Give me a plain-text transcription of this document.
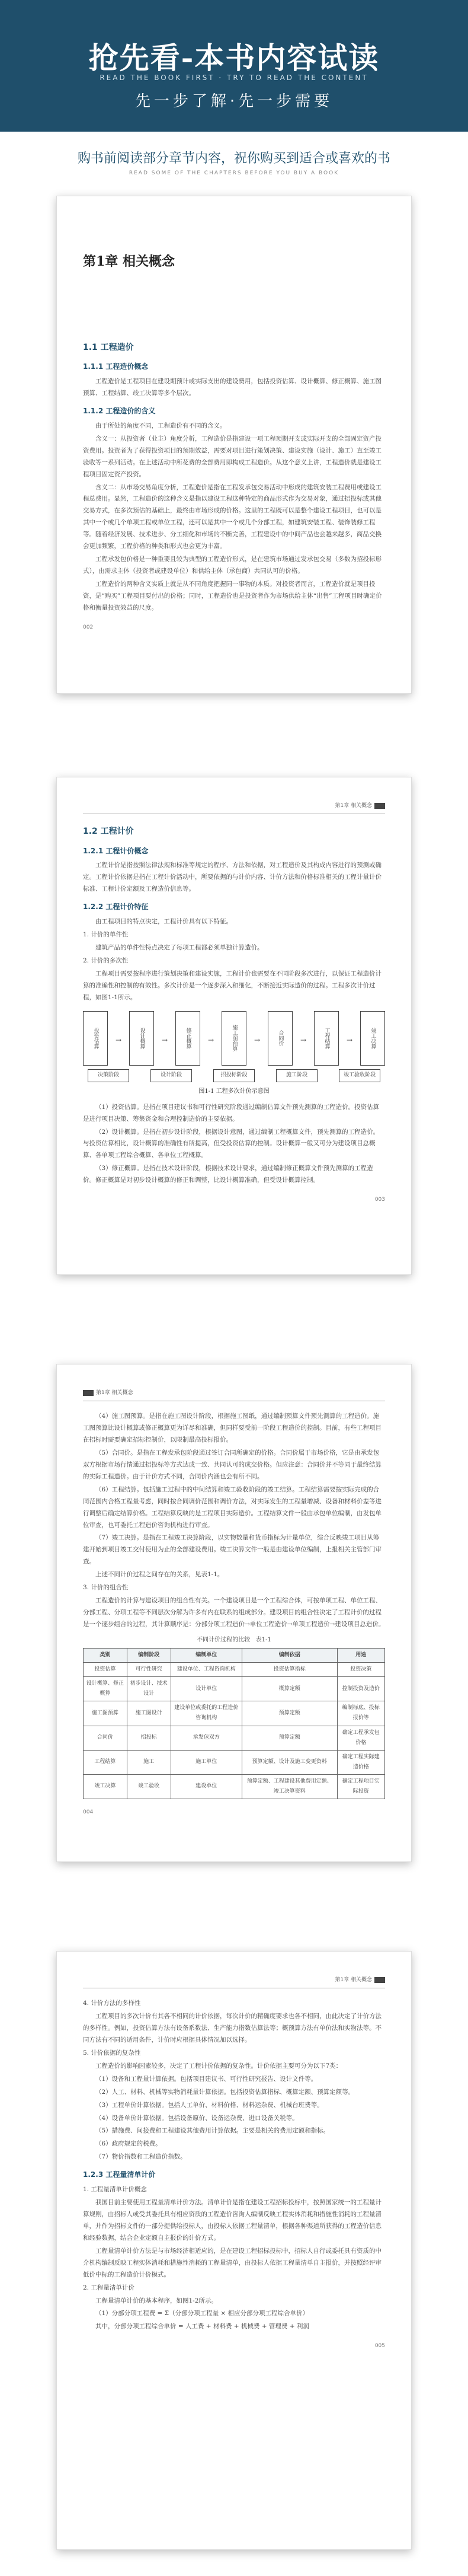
抢先看-本书内容试读
READ THE BOOK FIRST · TRY TO READ THE CONTENT
先一步了解·先一步需要
购书前阅读部分章节内容，祝你购买到适合或喜欢的书
READ SOME OF THE CHAPTERS BEFORE YOU BUY A BOOK
第1章 相关概念
1.1 工程造价
1.1.1 工程造价概念
工程造价是工程项目在建设期预计或实际支出的建设费用，包括投资估算、设计概算、修正概算、施工图预算、工程结算、竣工决算等多个层次。
1.1.2 工程造价的含义
由于所处的角度不同，工程造价有不同的含义。
含义一：从投资者（业主）角度分析，工程造价是指建设一项工程预期开支或实际开支的全部固定资产投资费用。投资者为了获得投资项目的预期效益，需要对项目进行策划决策、建设实施（设计、施工）直至竣工验收等一系列活动。在上述活动中所花费的全部费用即构成工程造价。从这个意义上讲，工程造价就是建设工程项目固定资产投资。
含义二：从市场交易角度分析，工程造价是指在工程发承包交易活动中形成的建筑安装工程费用或建设工程总费用。显然，工程造价的这种含义是指以建设工程这种特定的商品形式作为交易对象，通过招投标或其他交易方式，在多次预估的基础上，最终由市场形成的价格。这里的工程既可以是整个建设工程项目，也可以是其中一个或几个单项工程或单位工程，还可以是其中一个或几个分部工程，如建筑安装工程、装饰装修工程等。随着经济发展、技术进步、分工细化和市场的不断完善，工程建设中的中间产品也会越来越多，商品交换会更加频繁，工程价格的种类和形式也会更为丰富。
工程承发包价格是一种重要且较为典型的工程造价形式，是在建筑市场通过发承包交易（多数为招投标形式），由需求主体（投资者或建设单位）和供给主体（承包商）共同认可的价格。
工程造价的两种含义实质上就是从不同角度把握同一事物的本质。对投资者而言，工程造价就是项目投资，是“购买”工程项目要付出的价格；同时，工程造价也是投资者作为市场供给主体“出售”工程项目时确定价格和衡量投资效益的尺度。
002
第1章 相关概念
1.2 工程计价
1.2.1 工程计价概念
工程计价是指按照法律法规和标准等规定的程序、方法和依据，对工程造价及其构成内容进行的预测或确定。工程计价依据是指在工程计价活动中，所要依据的与计价内容、计价方法和价格标准相关的工程计量计价标准、工程计价定额及工程造价信息等。
1.2.2 工程计价特征
由工程项目的特点决定，工程计价具有以下特征。
1. 计价的单件性
建筑产品的单件性特点决定了每项工程都必须单独计算造价。
2. 计价的多次性
工程项目需要按程序进行策划决策和建设实施，工程计价也需要在不同阶段多次进行，以保证工程造价计算的准确性和控制的有效性。多次计价是一个逐步深入和细化，不断接近实际造价的过程。工程多次计价过程，如图1-1所示。
投资估算	→	设计概算	→	修正概算	→	施工图预算	→	合同价	→	工程结算	→	竣工决算
决策阶段	设计阶段	招投标阶段	施工阶段	竣工验收阶段
图1-1 工程多次计价示意图
（1）投资估算。是指在项目建议书和可行性研究阶段通过编制估算文件预先测算的工程造价。投资估算是进行项目决策、筹集资金和合理控制造价的主要依据。
（2）设计概算。是指在初步设计阶段，根据设计意图，通过编制工程概算文件，预先测算的工程造价。与投资估算相比，设计概算的准确性有所提高，但受投资估算的控制。设计概算一般又可分为建设项目总概算、各单项工程综合概算、各单位工程概算。
（3）修正概算。是指在技术设计阶段，根据技术设计要求，通过编制修正概算文件预先测算的工程造价。修正概算是对初步设计概算的修正和调整，比设计概算准确，但受设计概算控制。
003
第1章 相关概念
（4）施工图预算。是指在施工图设计阶段，根据施工图纸，通过编制预算文件预先测算的工程造价。施工图预算比设计概算或修正概算更为详尽和准确，但同样要受前一阶段工程造价的控制。目前，有些工程项目在招标时需要确定招标控制价，以限制最高投标报价。
（5）合同价。是指在工程发承包阶段通过签订合同所确定的价格。合同价属于市场价格，它是由承发包双方根据市场行情通过招投标等方式达成一致、共同认可的成交价格。但应注意：合同价并不等同于最终结算的实际工程造价。由于计价方式不同，合同价内涵也会有所不同。
（6）工程结算。包括施工过程中的中间结算和竣工验收阶段的竣工结算。工程结算需要按实际完成的合同范围内合格工程量考虑，同时按合同调价范围和调价方法，对实际发生的工程量增减、设备和材料价差等进行调整后确定结算价格。工程结算反映的是工程项目实际造价。工程结算文件一般由承包单位编制，由发包单位审查，也可委托工程造价咨询机构进行审查。
（7）竣工决算。是指在工程竣工决算阶段，以实物数量和货币指标为计量单位，综合反映竣工项目从筹建开始到项目竣工交付使用为止的全部建设费用。竣工决算文件一般是由建设单位编制，上报相关主管部门审查。
上述不同计价过程之间存在的关系，见表1-1。
3. 计价的组合性
工程造价的计算与建设项目的组合性有关。一个建设项目是一个工程综合体，可按单项工程、单位工程、分部工程、分项工程等不同层次分解为许多有内在联系的组成部分。建设项目的组合性决定了工程计价的过程是一个逐步组合的过程，其计算顺序是：分部分项工程造价→单位工程造价→单项工程造价→建设项目总造价。
不同计价过程的比较 表1-1
类别	编制阶段	编制单位	编制依据	用途
投资估算	可行性研究	建设单位、工程咨询机构	投资估算指标	投资决策
设计概算、修正概算	初步设计、技术设计	设计单位	概算定额	控制投资及造价
施工图预算	施工图设计	建设单位或委托的工程造价咨询机构	预算定额	编制标底、投标报价等
合同价	招投标	承发包双方	预算定额	确定工程承发包价格
工程结算	施工	施工单位	预算定额、设计及施工变更资料	确定工程实际建造价格
竣工决算	竣工验收	建设单位	预算定额、工程建设其他费用定额、竣工决算资料	确定工程项目实际投资
004
第1章 相关概念
4. 计价方法的多样性
工程项目的多次计价有其各不相同的计价依据，每次计价的精确度要求也各不相同，由此决定了计价方法的多样性。例如，投资估算方法有设备系数法、生产能力指数估算法等；概预算方法有单价法和实物法等。不同方法有不同的适用条件，计价时应根据具体情况加以选择。
5. 计价依据的复杂性
工程造价的影响因素较多，决定了工程计价依据的复杂性。计价依据主要可分为以下7类：
（1）设备和工程量计算依据。包括项目建议书、可行性研究报告、设计文件等。
（2）人工、材料、机械等实物消耗量计算依据。包括投资估算指标、概算定额、预算定额等。
（3）工程单价计算依据。包括人工单价、材料价格、材料运杂费、机械台班费等。
（4）设备单价计算依据。包括设备原价、设备运杂费、进口设备关税等。
（5）措施费、间接费和工程建设其他费用计算依据。主要是相关的费用定额和指标。
（6）政府规定的税费。
（7）物价指数和工程造价指数。
1.2.3 工程量清单计价
1. 工程量清单计价概念
我国目前主要使用工程量清单计价方法。清单计价是指在建设工程招标投标中，按照国家统一的工程量计算规则，由招标人或受其委托具有相应资质的工程造价咨询人编制反映工程实体消耗和措施性消耗的工程量清单，并作为招标文件的一部分提供给投标人，由投标人依据工程量清单，根据各种渠道所获得的工程造价信息和经验数据，结合企业定额自主报价的计价方式。
工程量清单计价方法是与市场经济相适应的，是在建设工程招标投标中，招标人自行或委托具有资质的中介机构编制反映工程实体消耗和措施性消耗的工程量清单，由投标人依据工程量清单自主报价，并按照经评审低价中标的工程造价计价模式。
2. 工程量清单计价
工程量清单计价的基本程序，如图1-2所示。
（1）分部分项工程费 = Σ（分部分项工程量 × 相应分部分项工程综合单价）
其中，分部分项工程综合单价 = 人工费 + 材料费 + 机械费 + 管理费 + 利润
005
